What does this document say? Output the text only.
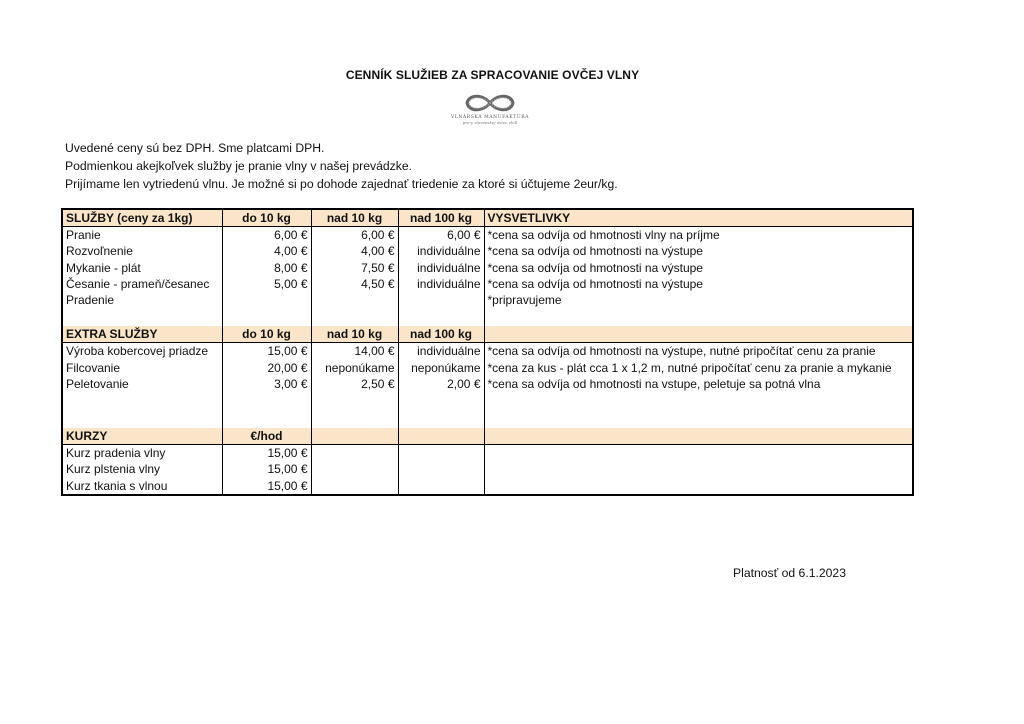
CENNÍK SLUŽIEB ZA SPRACOVANIE OVČEJ VLNY
VLNÁRSKA MANUFAKTÚRA
pre-y slovenskej oviec vlnll
Uvedené ceny sú bez DPH. Sme platcami DPH.
Podmienkou akejkoľvek služby je pranie vlny v našej prevádzke.
Prijímame len vytriedenú vlnu. Je možné si po dohode zajednať triedenie za ktoré si účtujeme 2eur/kg.
SLUŽBY (ceny za 1kg)	do 10 kg	nad 10 kg	nad 100 kg	VYSVETLIVKY
Pranie	6,00 €	6,00 €	6,00 €	*cena sa odvíja od hmotnosti vlny na príjme
Rozvoľnenie	4,00 €	4,00 €	individuálne	*cena sa odvíja od hmotnosti na výstupe
Mykanie - plát	8,00 €	7,50 €	individuálne	*cena sa odvíja od hmotnosti na výstupe
Česanie - prameň/česanec	5,00 €	4,50 €	individuálne	*cena sa odvíja od hmotnosti na výstupe
Pradenie				*pripravujeme

EXTRA SLUŽBY	do 10 kg	nad 10 kg	nad 100 kg	
Výroba kobercovej priadze	15,00 €	14,00 €	individuálne	*cena sa odvíja od hmotnosti na výstupe, nutné pripočítať cenu za pranie
Filcovanie	20,00 €	neponúkame	neponúkame	*cena za kus - plát cca 1 x 1,2 m, nutné pripočítať cenu za pranie a mykanie
Peletovanie	3,00 €	2,50 €	2,00 €	*cena sa odvíja od hmotnosti na vstupe, peletuje sa potná vlna

KURZY	€/hod			
Kurz pradenia vlny	15,00 €			
Kurz plstenia vlny	15,00 €			
Kurz tkania s vlnou	15,00 €			
Platnosť od 6.1.2023
